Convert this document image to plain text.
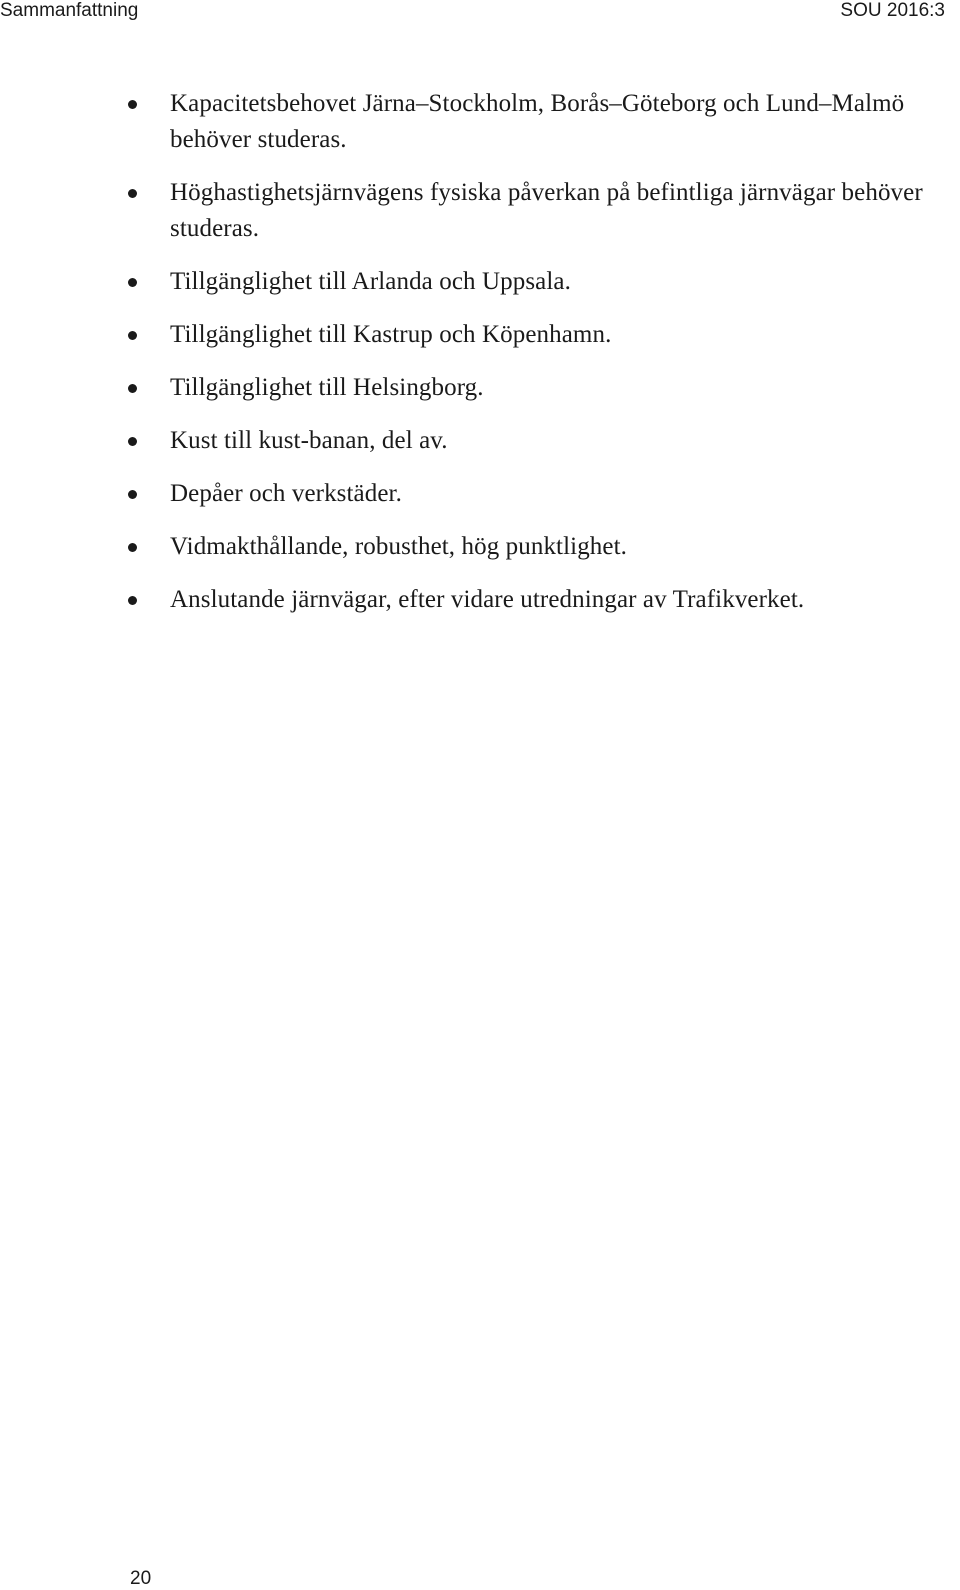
Sammanfattning	SOU 2016:3
Kapacitetsbehovet Järna–Stockholm, Borås–Göteborg och Lund–Malmö behöver studeras.
Höghastighetsjärnvägens fysiska påverkan på befintliga järnvägar behöver studeras.
Tillgänglighet till Arlanda och Uppsala.
Tillgänglighet till Kastrup och Köpenhamn.
Tillgänglighet till Helsingborg.
Kust till kust-banan, del av.
Depåer och verkstäder.
Vidmakthållande, robusthet, hög punktlighet.
Anslutande järnvägar, efter vidare utredningar av Trafikverket.
20
